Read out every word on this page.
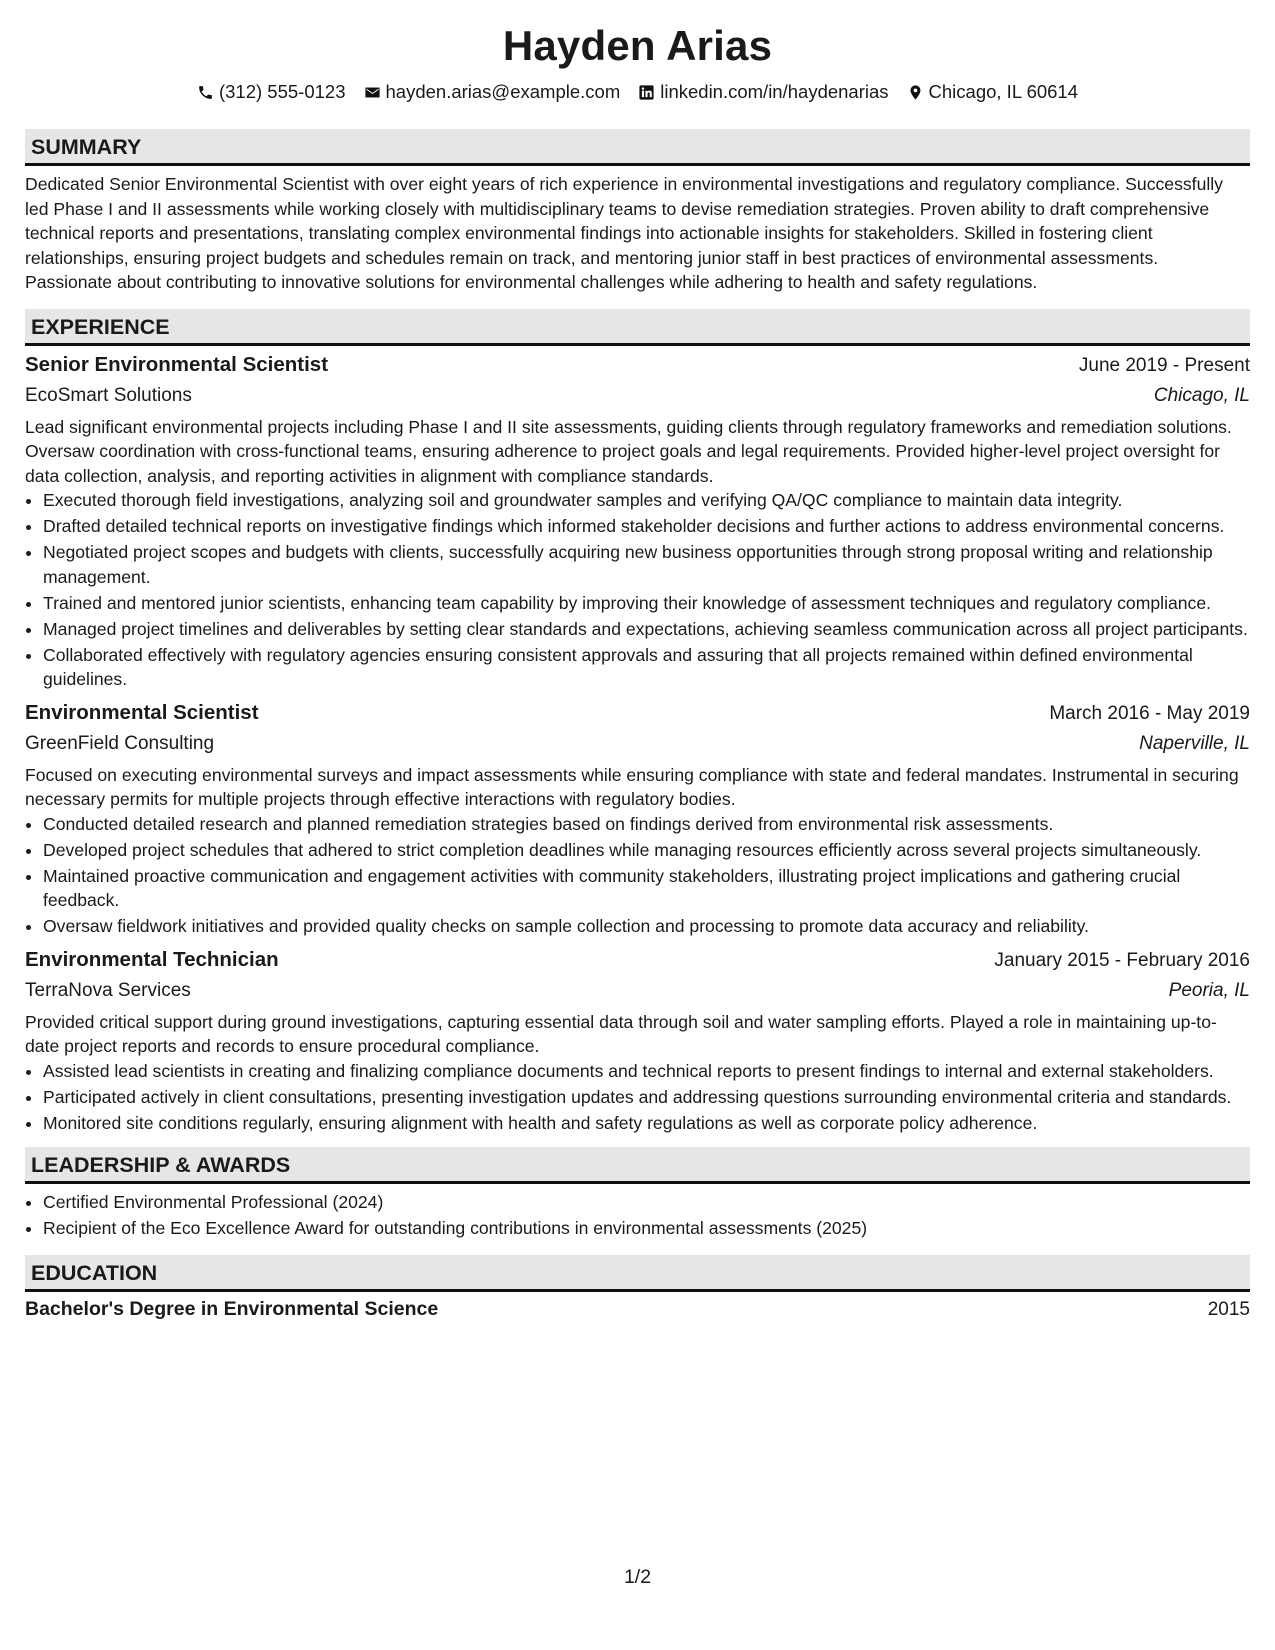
Hayden Arias
(312) 555-0123 hayden.arias@example.com linkedin.com/in/haydenarias Chicago, IL 60614
SUMMARY

Dedicated Senior Environmental Scientist with over eight years of rich experience in environmental investigations and regulatory compliance. Successfully led Phase I and II assessments while working closely with multidisciplinary teams to devise remediation strategies. Proven ability to draft comprehensive technical reports and presentations, translating complex environmental findings into actionable insights for stakeholders. Skilled in fostering client relationships, ensuring project budgets and schedules remain on track, and mentoring junior staff in best practices of environmental assessments. Passionate about contributing to innovative solutions for environmental challenges while adhering to health and safety regulations.

EXPERIENCE
Senior Environmental Scientist	June 2019 - Present
EcoSmart Solutions	Chicago, IL

Lead significant environmental projects including Phase I and II site assessments, guiding clients through regulatory frameworks and remediation solutions. Oversaw coordination with cross-functional teams, ensuring adherence to project goals and legal requirements. Provided higher-level project oversight for data collection, analysis, and reporting activities in alignment with compliance standards.

• Executed thorough field investigations, analyzing soil and groundwater samples and verifying QA/QC compliance to maintain data integrity.
• Drafted detailed technical reports on investigative findings which informed stakeholder decisions and further actions to address environmental concerns.
• Negotiated project scopes and budgets with clients, successfully acquiring new business opportunities through strong proposal writing and relationship management.
• Trained and mentored junior scientists, enhancing team capability by improving their knowledge of assessment techniques and regulatory compliance.
• Managed project timelines and deliverables by setting clear standards and expectations, achieving seamless communication across all project participants.
• Collaborated effectively with regulatory agencies ensuring consistent approvals and assuring that all projects remained within defined environmental guidelines.
Environmental Scientist	March 2016 - May 2019
GreenField Consulting	Naperville, IL

Focused on executing environmental surveys and impact assessments while ensuring compliance with state and federal mandates. Instrumental in securing necessary permits for multiple projects through effective interactions with regulatory bodies.

• Conducted detailed research and planned remediation strategies based on findings derived from environmental risk assessments.
• Developed project schedules that adhered to strict completion deadlines while managing resources efficiently across several projects simultaneously.
• Maintained proactive communication and engagement activities with community stakeholders, illustrating project implications and gathering crucial feedback.
• Oversaw fieldwork initiatives and provided quality checks on sample collection and processing to promote data accuracy and reliability.
Environmental Technician	January 2015 - February 2016
TerraNova Services	Peoria, IL

Provided critical support during ground investigations, capturing essential data through soil and water sampling efforts. Played a role in maintaining up-to-date project reports and records to ensure procedural compliance.

• Assisted lead scientists in creating and finalizing compliance documents and technical reports to present findings to internal and external stakeholders.
• Participated actively in client consultations, presenting investigation updates and addressing questions surrounding environmental criteria and standards.
• Monitored site conditions regularly, ensuring alignment with health and safety regulations as well as corporate policy adherence.
LEADERSHIP & AWARDS
• Certified Environmental Professional (2024)
• Recipient of the Eco Excellence Award for outstanding contributions in environmental assessments (2025)
EDUCATION
Bachelor's Degree in Environmental Science	2015
1/2
